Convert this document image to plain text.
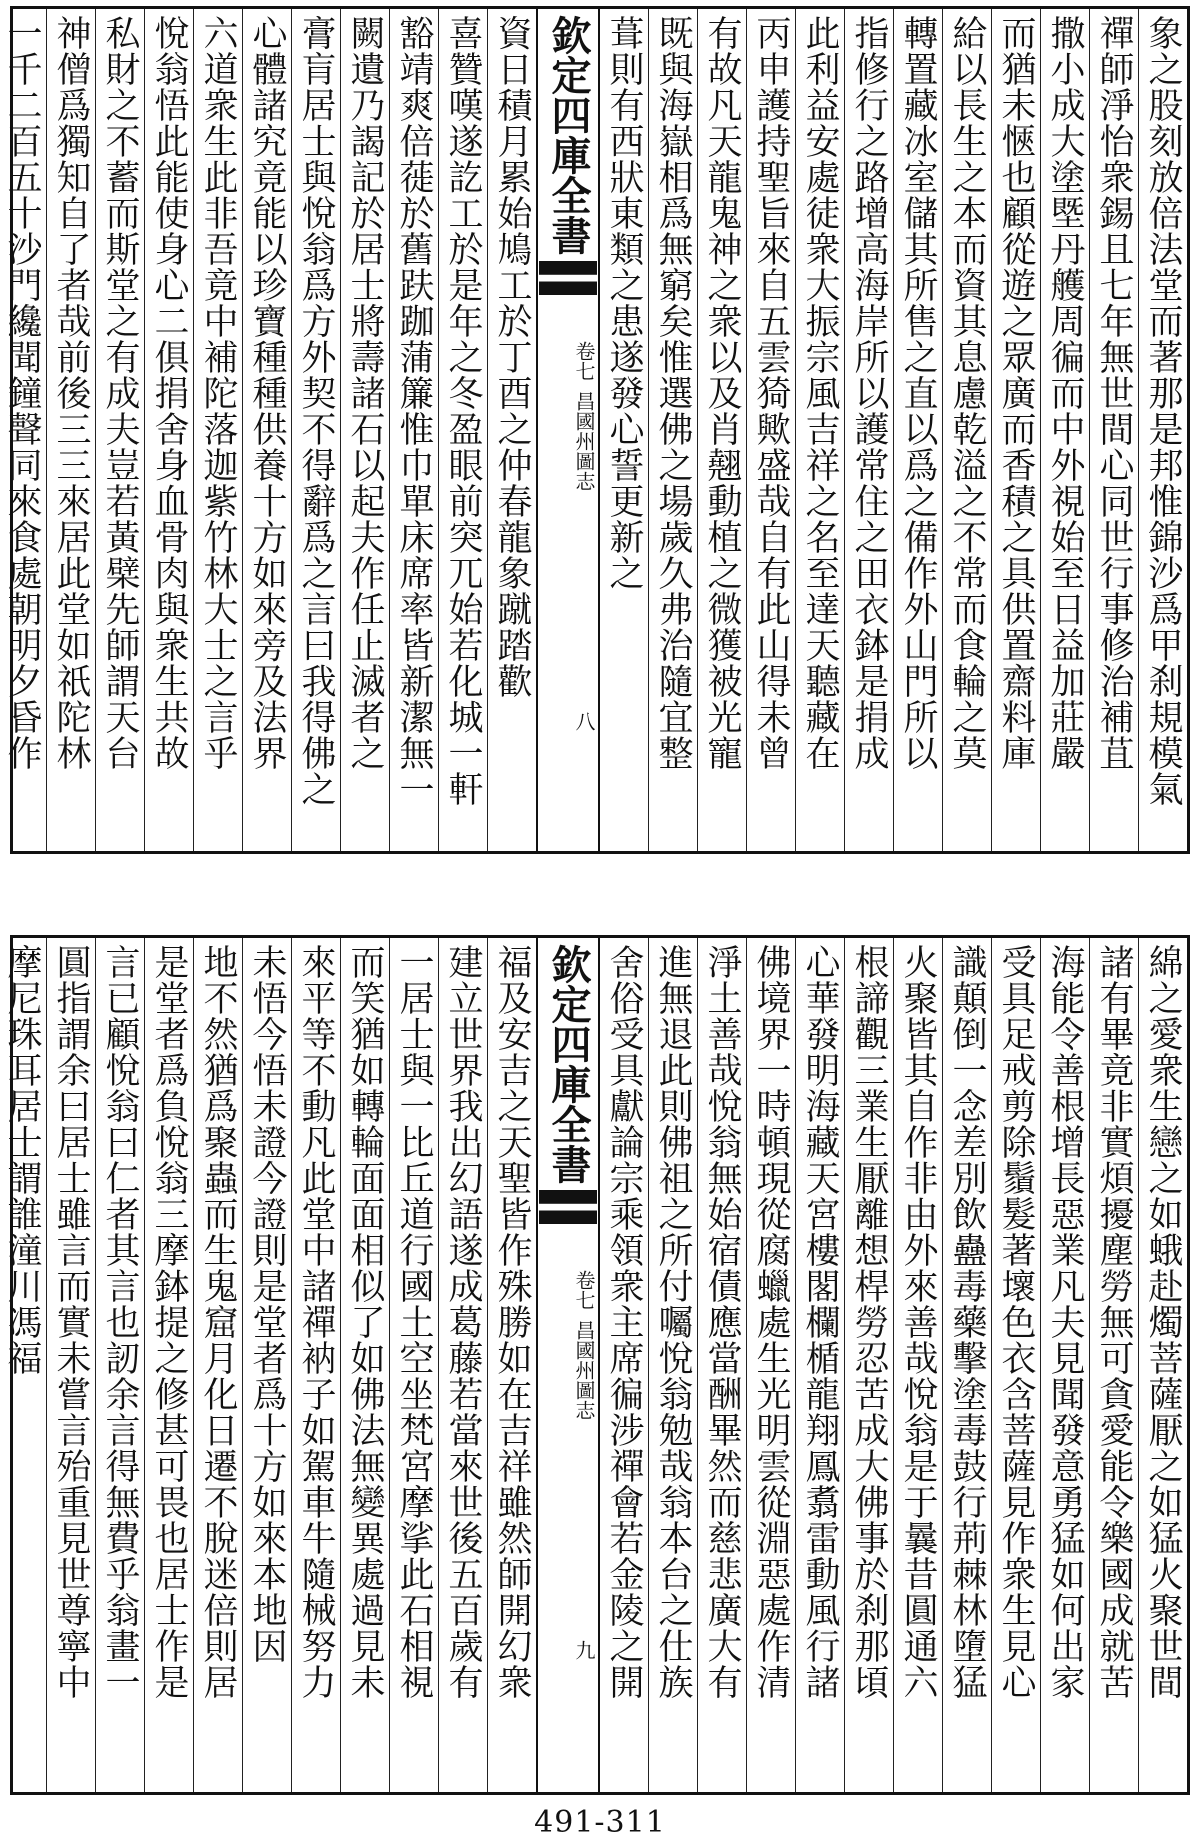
象之股刻放倍法堂而著那是邦惟錦沙爲甲刹規模氣
禪師淨怡衆錫且七年無世間心同世行事修治補苴
撒小成大塗塈丹艧周徧而中外視始至日益加莊嚴
而猶未愜也顧從遊之眾廣而香積之具供置齋料庫
給以長生之本而資其息慮乾溢之不常而食輪之莫
轉置藏冰室儲其所售之直以爲之備作外山門所以
指修行之路增高海岸所以護常住之田衣鉢是捐成
此利益安處徒衆大振宗風吉祥之名至達天聽藏在
丙申護持聖旨來自五雲猗歟盛哉自有此山得未曾
有故凡天龍鬼神之衆以及肖翹動植之微獲被光寵
既與海嶽相爲無窮矣惟選佛之場歲久弗治隨宜整
葺則有西狀東類之患遂發心誓更新之
欽定四庫全書
卷七
昌國州圖志
八
資日積月累始鳩工於丁酉之仲春龍象蹴踏歡
喜贊嘆遂訖工於是年之冬盈眼前突兀始若化城一軒
豁靖爽倍蓰於舊趺跏蒲簾惟巾單床席率皆新潔無一
闕遺乃謁記於居士將壽諸石以起夫作任止滅者之
膏肓居士與悅翁爲方外契不得辭爲之言曰我得佛之
心體諸究竟能以珍寶種種供養十方如來旁及法界
六道衆生此非吾竟中補陀落迦紫竹林大士之言乎
悅翁悟此能使身心二俱捐舍身血骨肉與衆生共故
私財之不蓄而斯堂之有成夫豈若黃檗先師謂天台
神僧爲獨知自了者哉前後三三來居此堂如祇陀林
一千二百五十沙門纔聞鐘聲同來食處朝明夕昏作
綿之愛衆生戀之如蛾赴燭菩薩厭之如猛火聚世間
諸有畢竟非實煩擾塵勞無可貪愛能令樂國成就苦
海能令善根增長惡業凡夫見聞發意勇猛如何出家
受具足戒剪除鬚髮著壞色衣含菩薩見作衆生見心
識顛倒一念差別飲蠱毒藥擊塗毒鼓行荊棘林墮猛
火聚皆其自作非由外來善哉悅翁是于曩昔圓通六
根諦觀三業生厭離想桿勞忍苦成大佛事於刹那頃
心華發明海藏天宮樓閣欄楯龍翔鳳翥雷動風行諸
佛境界一時頓現從腐蠟處生光明雲從淵惡處作清
淨土善哉悅翁無始宿債應當酬畢然而慈悲廣大有
進無退此則佛祖之所付囑悅翁勉哉翁本台之仕族
舍俗受具獻論宗乘領衆主席徧涉禪會若金陵之開
欽定四庫全書
卷七
昌國州圖志
九
福及安吉之天聖皆作殊勝如在吉祥雖然師開幻衆
建立世界我出幻語遂成葛藤若當來世後五百歲有
一居士與一比丘道行國土空坐梵宮摩挲此石相視
而笑猶如轉輪面面相似了如佛法無變異處過見未
來平等不動凡此堂中諸禪衲子如駕車牛隨械努力
未悟今悟未證今證則是堂者爲十方如來本地因
地不然猶爲聚蟲而生鬼窟月化日遷不脫迷倍則居
是堂者爲負悅翁三摩鉢提之修甚可畏也居士作是
言已顧悅翁曰仁者其言也訒余言得無費乎翁畫一
圓指謂余曰居士雖言而實未嘗言殆重見世尊寧中
摩尼珠耳居士謂誰潼川馮福
491-311
